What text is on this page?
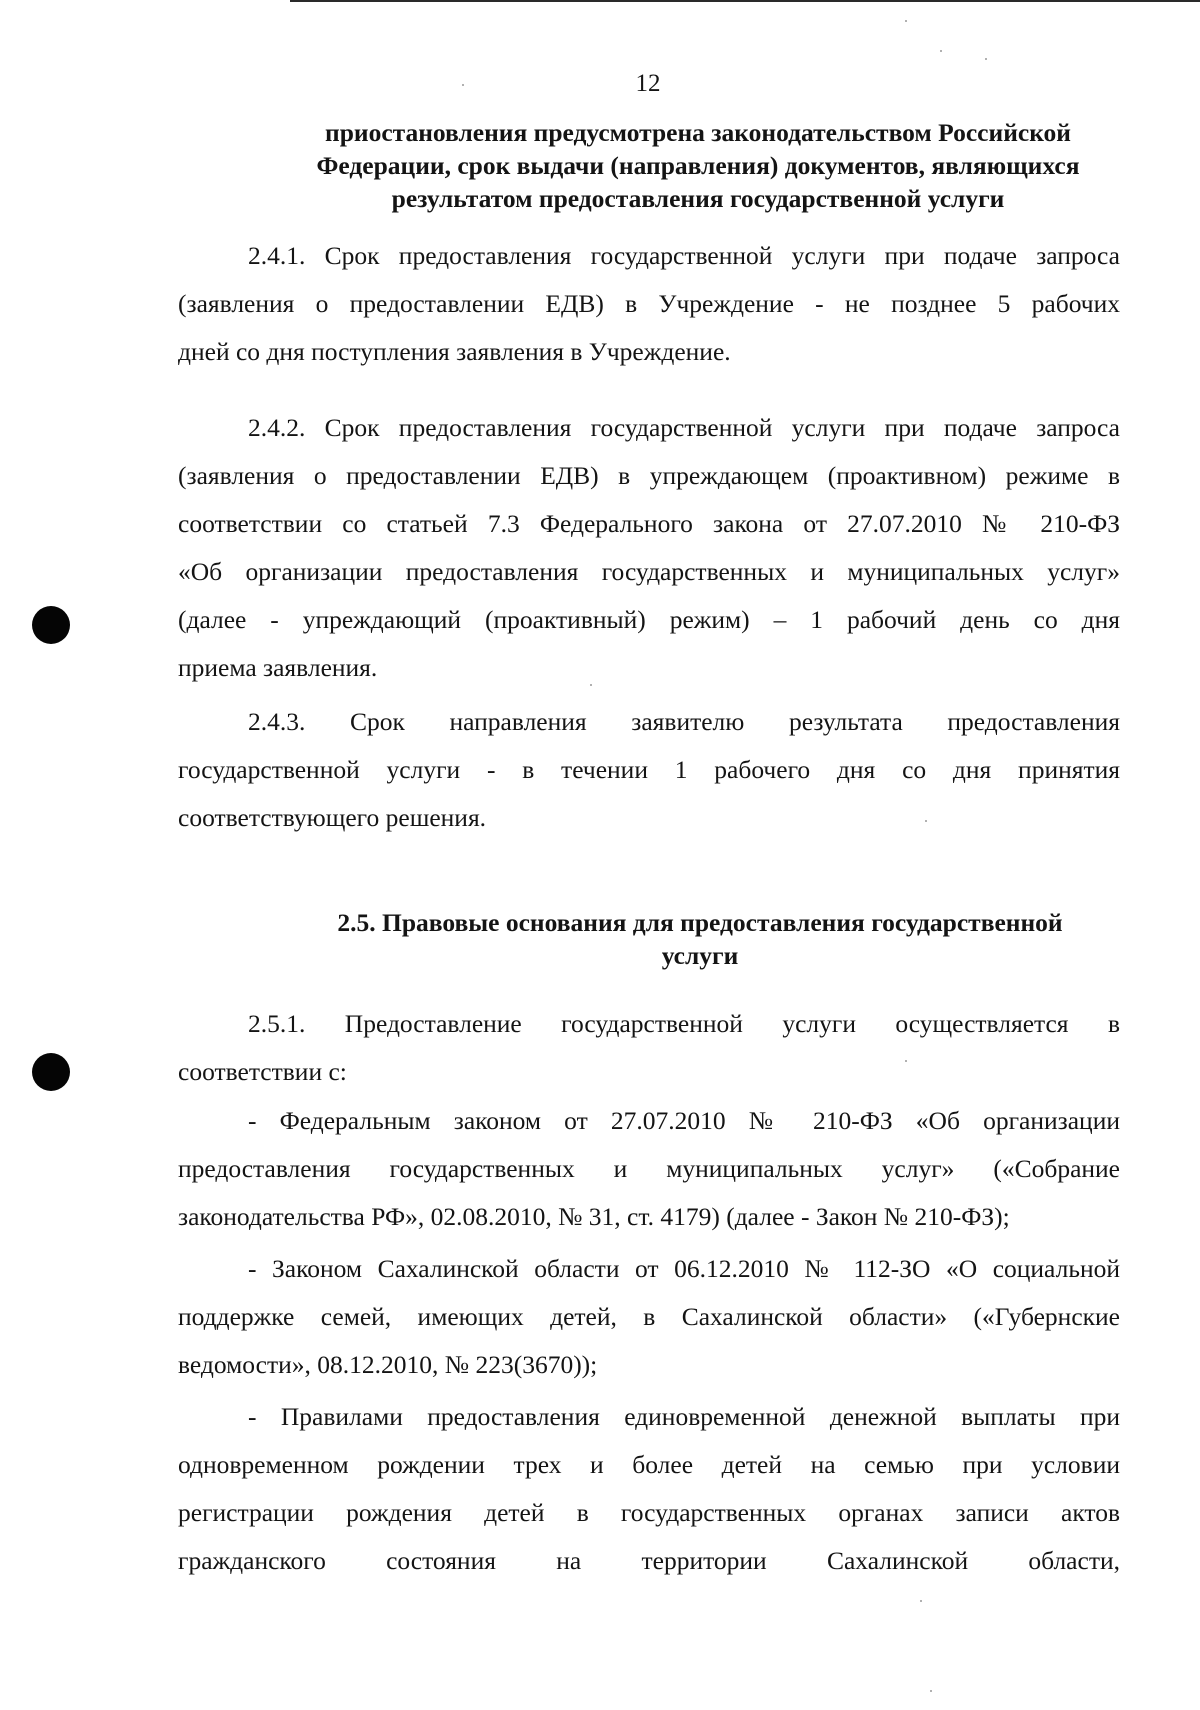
12
приостановления предусмотрена законодательством Российской
Федерации, срок выдачи (направления) документов, являющихся
результатом предоставления государственной услуги
2.4.1. Срок предоставления государственной услуги при подаче запроса
(заявления о предоставлении ЕДВ) в Учреждение - не позднее 5 рабочих
дней со дня поступления заявления в Учреждение.
2.4.2. Срок предоставления государственной услуги при подаче запроса
(заявления о предоставлении ЕДВ) в упреждающем (проактивном) режиме в
соответствии со статьей 7.3 Федерального закона от 27.07.2010 № 210-ФЗ
«Об организации предоставления государственных и муниципальных услуг»
(далее - упреждающий (проактивный) режим) – 1 рабочий день со дня
приема заявления.
2.4.3. Срок направления заявителю результата предоставления
государственной услуги - в течении 1 рабочего дня со дня принятия
соответствующего решения.
2.5. Правовые основания для предоставления государственной
услуги
2.5.1. Предоставление государственной услуги осуществляется в
соответствии с:
- Федеральным законом от 27.07.2010 № 210-ФЗ «Об организации
предоставления государственных и муниципальных услуг» («Собрание
законодательства РФ», 02.08.2010, № 31, ст. 4179) (далее - Закон № 210-ФЗ);
- Законом Сахалинской области от 06.12.2010 № 112-ЗО «О социальной
поддержке семей, имеющих детей, в Сахалинской области» («Губернские
ведомости», 08.12.2010, № 223(3670));
- Правилами предоставления единовременной денежной выплаты при
одновременном рождении трех и более детей на семью при условии
регистрации рождения детей в государственных органах записи актов
гражданского состояния на территории Сахалинской области,
